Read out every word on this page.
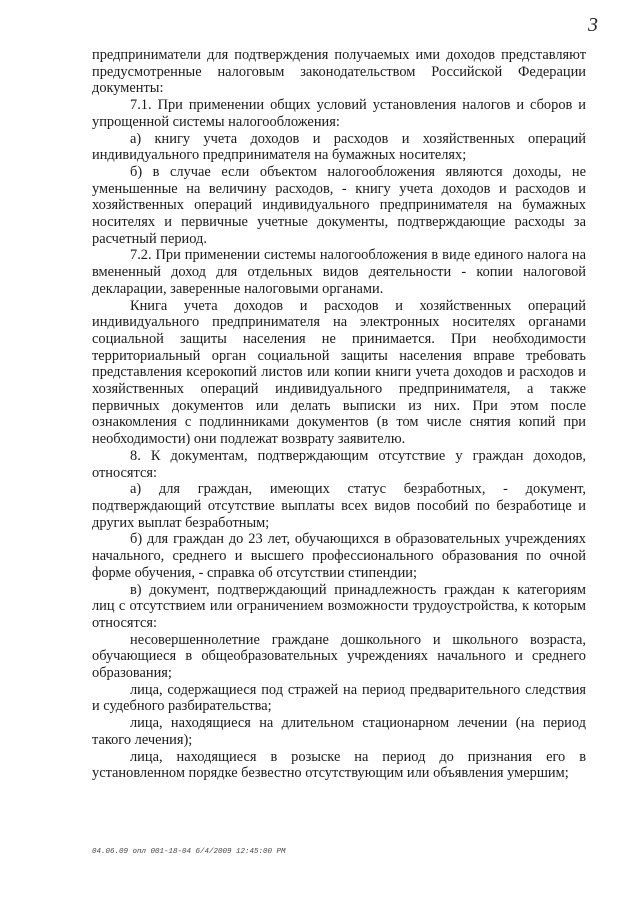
3

предприниматели для подтверждения получаемых ими доходов представляют предусмотренные налоговым законодательством Российской Федерации документы:

7.1. При применении общих условий установления налогов и сборов и упрощенной системы налогообложения:

а) книгу учета доходов и расходов и хозяйственных операций индивидуального предпринимателя на бумажных носителях;

б) в случае если объектом налогообложения являются доходы, не уменьшенные на величину расходов, - книгу учета доходов и расходов и хозяйственных операций индивидуального предпринимателя на бумажных носителях и первичные учетные документы, подтверждающие расходы за расчетный период.

7.2. При применении системы налогообложения в виде единого налога на вмененный доход для отдельных видов деятельности - копии налоговой декларации, заверенные налоговыми органами.

Книга учета доходов и расходов и хозяйственных операций индивидуального предпринимателя на электронных носителях органами социальной защиты населения не принимается. При необходимости территориальный орган социальной защиты населения вправе требовать представления ксерокопий листов или копии книги учета доходов и расходов и хозяйственных операций индивидуального предпринимателя, а также первичных документов или делать выписки из них. При этом после ознакомления с подлинниками документов (в том числе снятия копий при необходимости) они подлежат возврату заявителю.

8. К документам, подтверждающим отсутствие у граждан доходов, относятся:

а) для граждан, имеющих статус безработных, - документ, подтверждающий отсутствие выплаты всех видов пособий по безработице и других выплат безработным;

б) для граждан до 23 лет, обучающихся в образовательных учреждениях начального, среднего и высшего профессионального образования по очной форме обучения, - справка об отсутствии стипендии;

в) документ, подтверждающий принадлежность граждан к категориям лиц с отсутствием или ограничением возможности трудоустройства, к которым относятся:

несовершеннолетние граждане дошкольного и школьного возраста, обучающиеся в общеобразовательных учреждениях начального и среднего образования;

лица, содержащиеся под стражей на период предварительного следствия и судебного разбирательства;

лица, находящиеся на длительном стационарном лечении (на период такого лечения);

лица, находящиеся в розыске на период до признания его в установленном порядке безвестно отсутствующим или объявления умершим;

04.06.09 опл 001-18-04 6/4/2009 12:45:00 PM
